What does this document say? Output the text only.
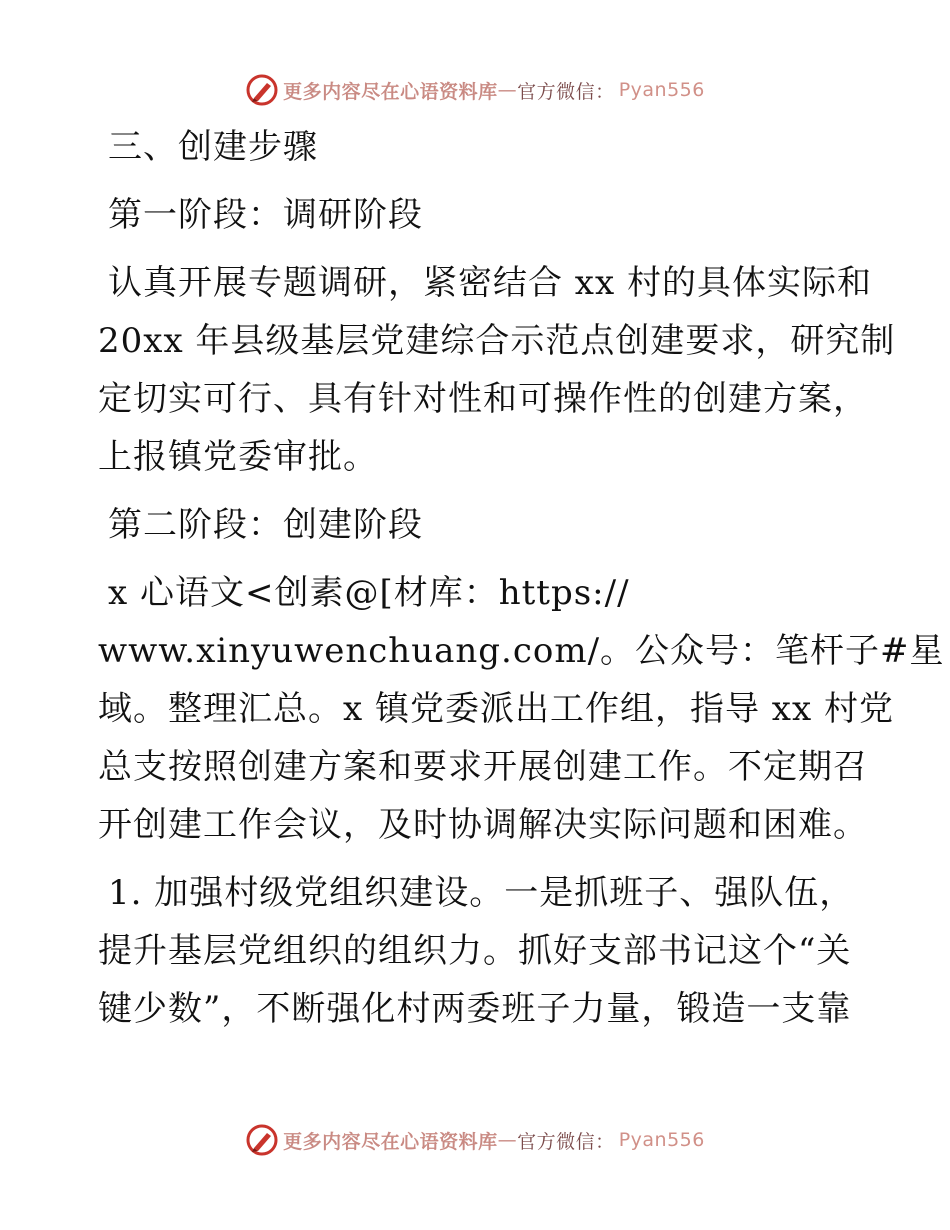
更多内容尽在心语资料库 — 官方微信： Pyan556
三、创建步骤
第一阶段：调研阶段
认真开展专题调研，紧密结合 xx 村的具体实际和
20xx 年县级基层党建综合示范点创建要求，研究制
定切实可行、具有针对性和可操作性的创建方案，
上报镇党委审批。
第二阶段：创建阶段
x 心语文<创素@[材库：https://
www.xinyuwenchuang.com/。公众号：笔杆子#星
域。整理汇总。x 镇党委派出工作组，指导 xx 村党
总支按照创建方案和要求开展创建工作。不定期召
开创建工作会议，及时协调解决实际问题和困难。
1. 加强村级党组织建设。一是抓班子、强队伍，
提升基层党组织的组织力。抓好支部书记这个“关
键少数”，不断强化村两委班子力量，锻造一支靠
更多内容尽在心语资料库 — 官方微信： Pyan556
